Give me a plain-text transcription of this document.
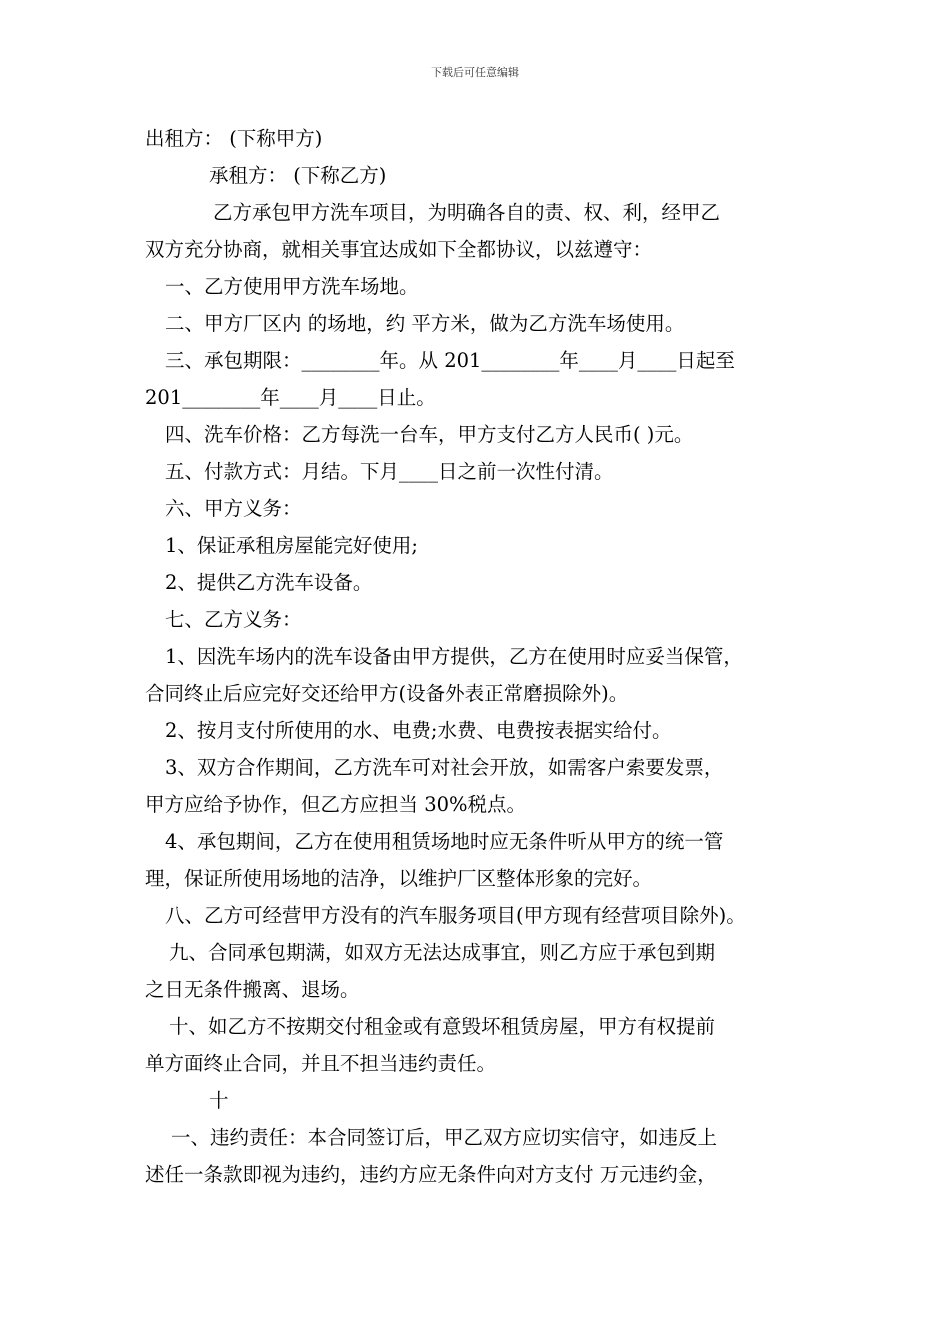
下载后可任意编辑
出租方： (下称甲方)
承租方： (下称乙方)
乙方承包甲方洗车项目，为明确各自的责、权、利，经甲乙
双方充分协商，就相关事宜达成如下全都协议，以兹遵守：
一、乙方使用甲方洗车场地。
二、甲方厂区内 的场地，约 平方米，做为乙方洗车场使用。
三、承包期限：________年。从 201________年____月____日起至
201________年____月____日止。
四、洗车价格：乙方每洗一台车，甲方支付乙方人民币( )元。
五、付款方式：月结。下月____日之前一次性付清。
六、甲方义务：
1、保证承租房屋能完好使用;
2、提供乙方洗车设备。
七、乙方义务：
1、因洗车场内的洗车设备由甲方提供，乙方在使用时应妥当保管，
合同终止后应完好交还给甲方(设备外表正常磨损除外)。
2、按月支付所使用的水、电费;水费、电费按表据实给付。
3、双方合作期间，乙方洗车可对社会开放，如需客户索要发票，
甲方应给予协作，但乙方应担当 30%税点。
4、承包期间，乙方在使用租赁场地时应无条件听从甲方的统一管
理，保证所使用场地的洁净，以维护厂区整体形象的完好。
八、乙方可经营甲方没有的汽车服务项目(甲方现有经营项目除外)。
九、合同承包期满，如双方无法达成事宜，则乙方应于承包到期
之日无条件搬离、退场。
十、如乙方不按期交付租金或有意毁坏租赁房屋，甲方有权提前
单方面终止合同，并且不担当违约责任。
十
一、违约责任：本合同签订后，甲乙双方应切实信守，如违反上
述任一条款即视为违约，违约方应无条件向对方支付 万元违约金，
